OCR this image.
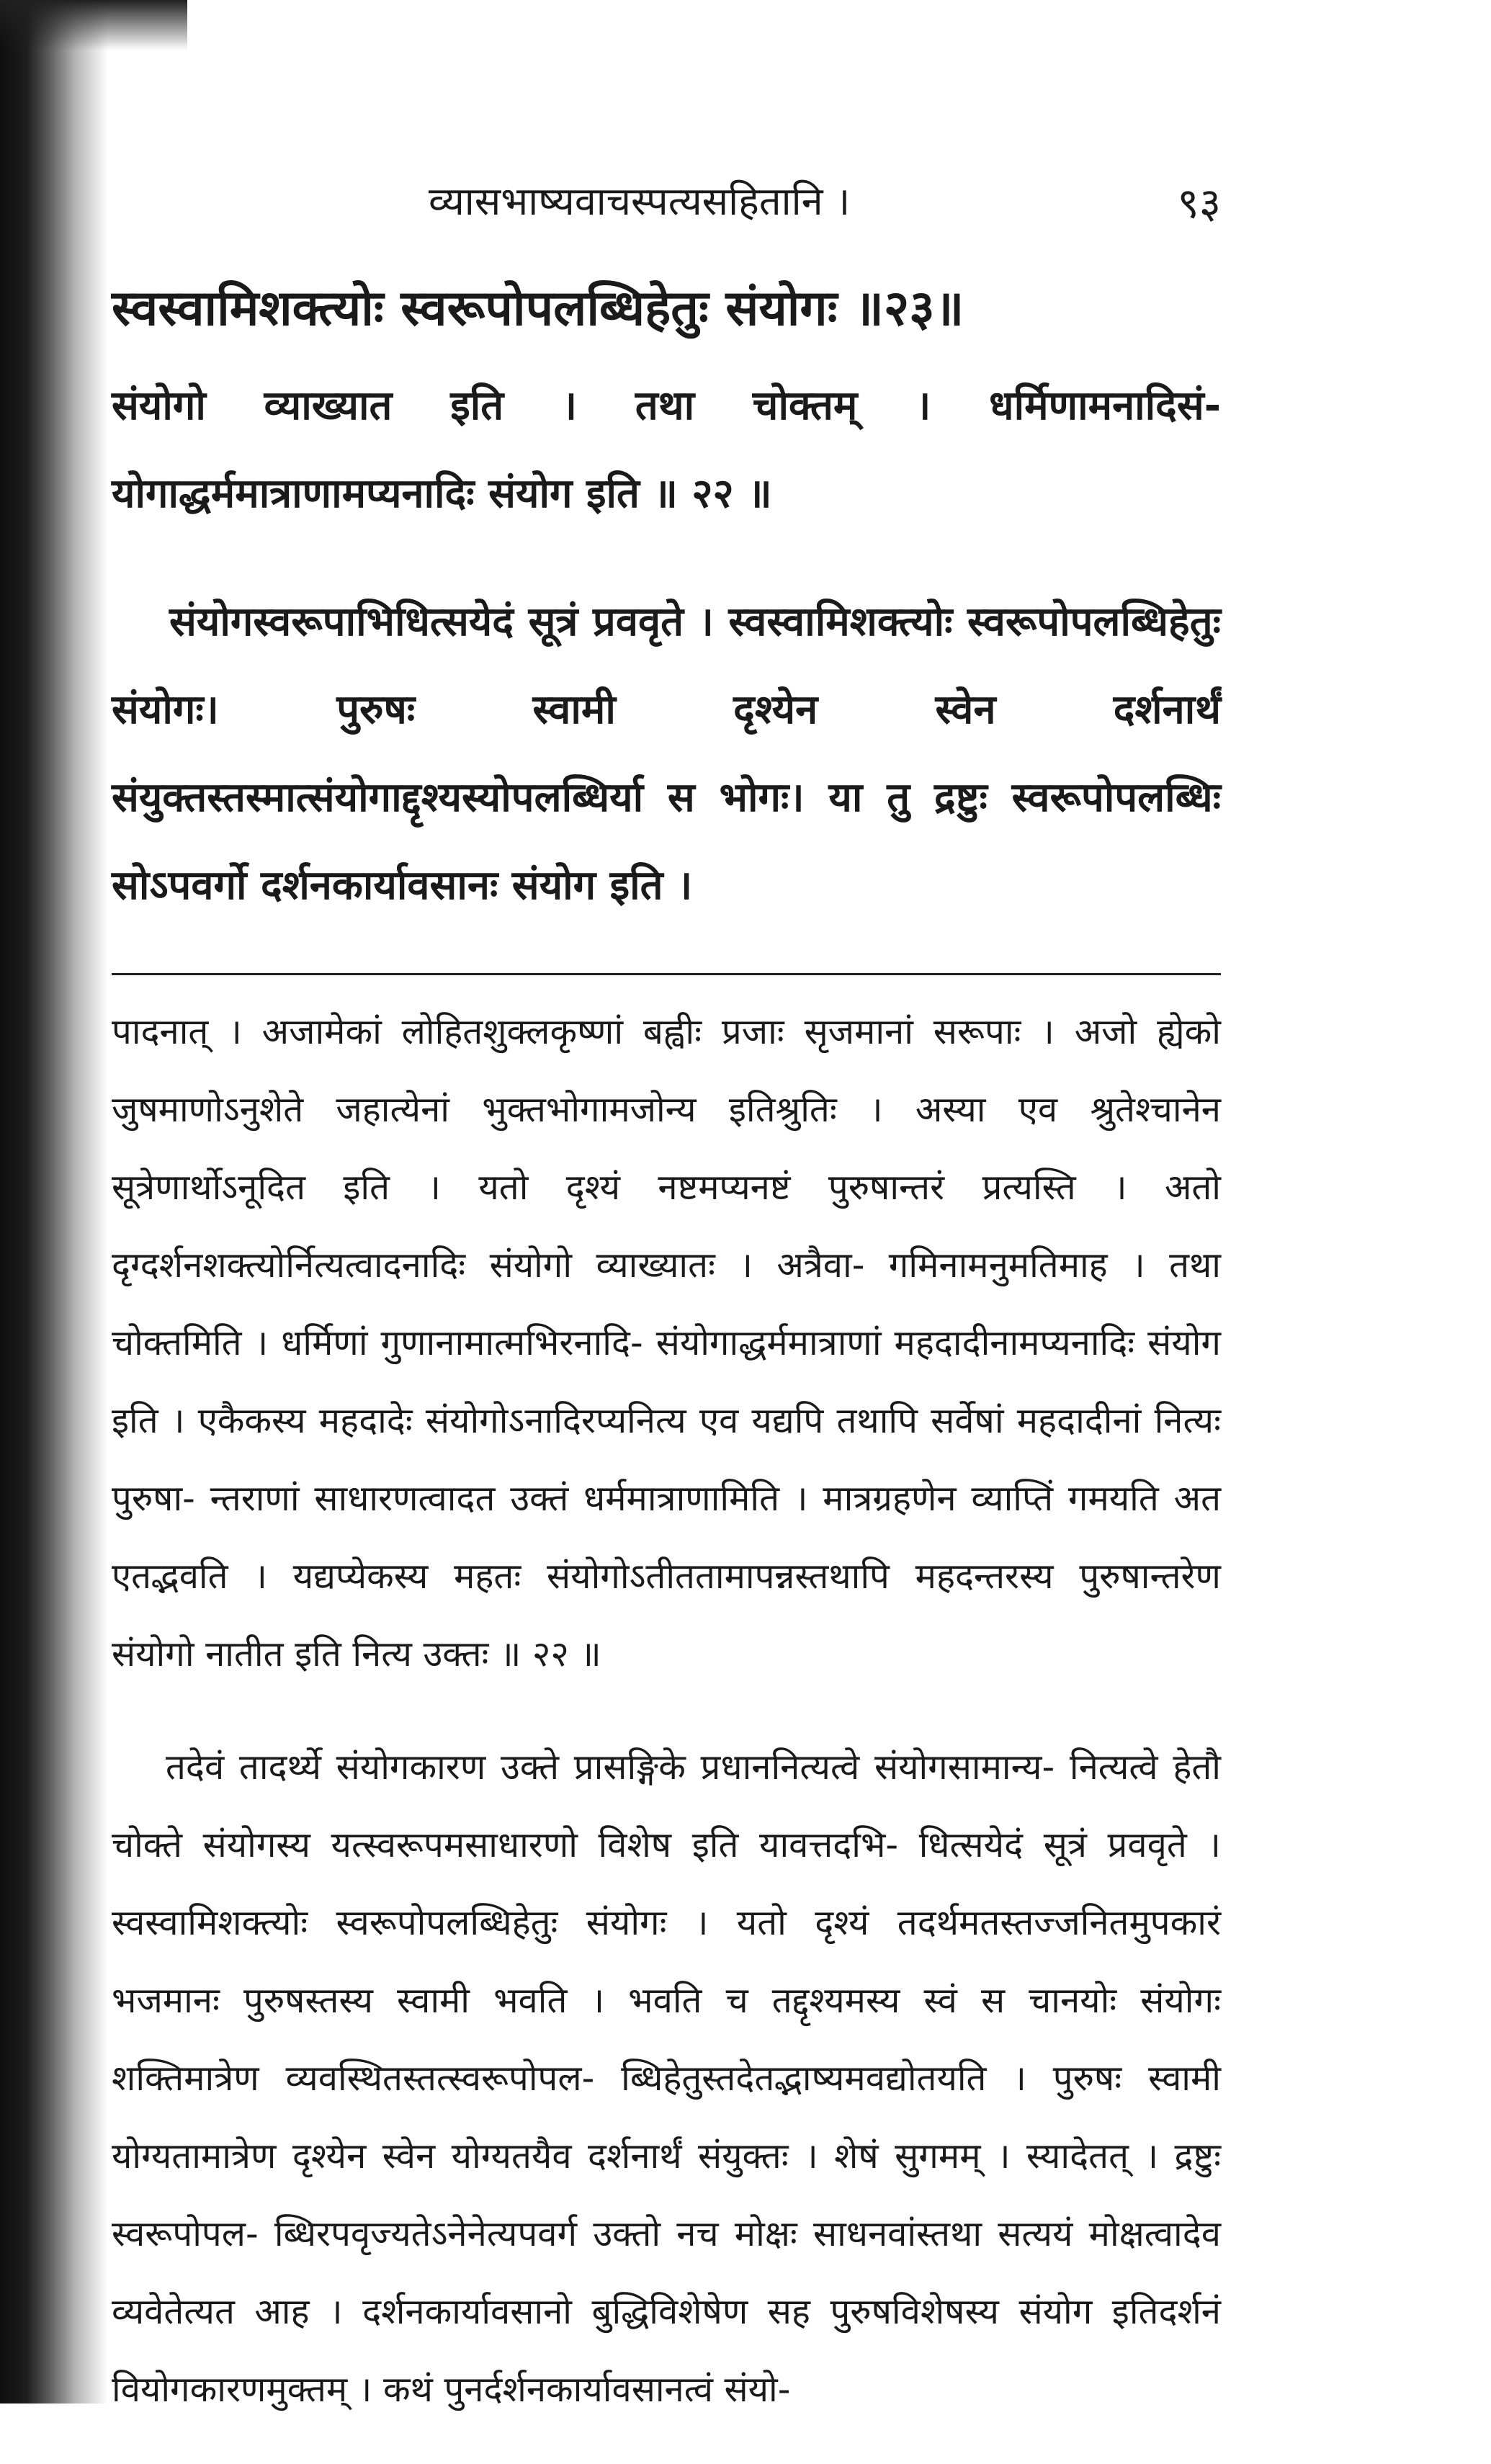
व्यासभाष्यवाचस्पत्यसहितानि ।	९३
स्वस्वामिशक्त्योः स्वरूपोपलब्धिहेतुः संयोगः ॥२३॥

संयोगो व्याख्यात इति । तथा चोक्तम् । धर्मिणामनादिसं- योगाद्धर्ममात्राणामप्यनादिः संयोग इति ॥ २२ ॥

संयोगस्वरूपाभिधित्सयेदं सूत्रं प्रववृते । स्वस्वामिशक्त्योः स्वरूपोपलब्धिहेतुः संयोगः। पुरुषः स्वामी दृश्येन स्वेन दर्शनार्थं संयुक्तस्तस्मात्संयोगाद्दृश्यस्योपलब्धिर्या स भोगः। या तु द्रष्टुः स्वरूपोपलब्धिः सोऽपवर्गो दर्शनकार्यावसानः संयोग इति ।

पादनात् । अजामेकां लोहितशुक्लकृष्णां बह्वीः प्रजाः सृजमानां सरूपाः । अजो ह्येको जुषमाणोऽनुशेते जहात्येनां भुक्तभोगामजोन्य इतिश्रुतिः । अस्या एव श्रुतेश्चानेन सूत्रेणार्थोऽनूदित इति । यतो दृश्यं नष्टमप्यनष्टं पुरुषान्तरं प्रत्यस्ति । अतो दृग्दर्शनशक्त्योर्नित्यत्वादनादिः संयोगो व्याख्यातः । अत्रैवा- गमिनामनुमतिमाह । तथा चोक्तमिति । धर्मिणां गुणानामात्मभिरनादि- संयोगाद्धर्ममात्राणां महदादीनामप्यनादिः संयोग इति । एकैकस्य महदादेः संयोगोऽनादिरप्यनित्य एव यद्यपि तथापि सर्वेषां महदादीनां नित्यः पुरुषा- न्तराणां साधारणत्वादत उक्तं धर्ममात्राणामिति । मात्रग्रहणेन व्याप्तिं गमयति अत एतद्भवति । यद्यप्येकस्य महतः संयोगोऽतीततामापन्नस्तथापि महदन्तरस्य पुरुषान्तरेण संयोगो नातीत इति नित्य उक्तः ॥ २२ ॥

तदेवं तादर्थ्ये संयोगकारण उक्ते प्रासङ्गिके प्रधाननित्यत्वे संयोगसामान्य- नित्यत्वे हेतौ चोक्ते संयोगस्य यत्स्वरूपमसाधारणो विशेष इति यावत्तदभि- धित्सयेदं सूत्रं प्रववृते । स्वस्वामिशक्त्योः स्वरूपोपलब्धिहेतुः संयोगः । यतो दृश्यं तदर्थमतस्तज्जनितमुपकारं भजमानः पुरुषस्तस्य स्वामी भवति । भवति च तद्दृश्यमस्य स्वं स चानयोः संयोगः शक्तिमात्रेण व्यवस्थितस्तत्स्वरूपोपल- ब्धिहेतुस्तदेतद्भाष्यमवद्योतयति । पुरुषः स्वामी योग्यतामात्रेण दृश्येन स्वेन योग्यतयैव दर्शनार्थं संयुक्तः । शेषं सुगमम् । स्यादेतत् । द्रष्टुः स्वरूपोपल- ब्धिरपवृज्यतेऽनेनेत्यपवर्ग उक्तो नच मोक्षः साधनवांस्तथा सत्ययं मोक्षत्वादेव व्यवेतेत्यत आह । दर्शनकार्यावसानो बुद्धिविशेषेण सह पुरुषविशेषस्य संयोग इतिदर्शनं वियोगकारणमुक्तम् । कथं पुनर्दर्शनकार्यावसानत्वं संयो-
